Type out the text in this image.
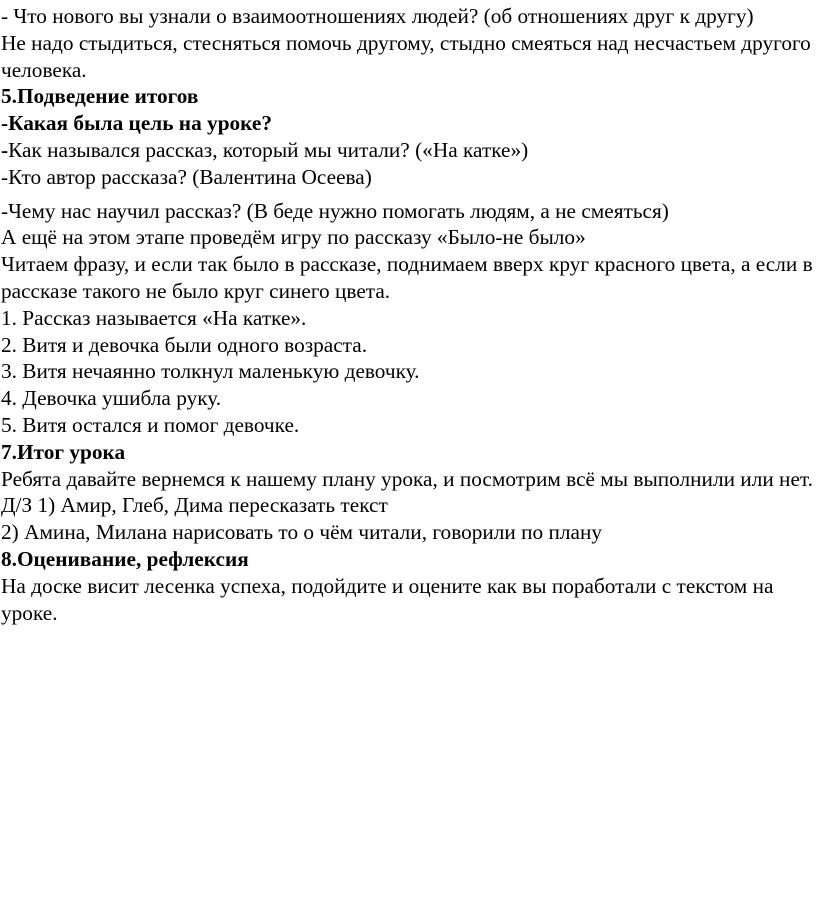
- Что нового вы узнали о взаимоотношениях людей? (об отношениях друг к другу)

Не надо стыдиться, стесняться помочь другому, стыдно смеяться над несчастьем другого человека.

5.Подведение итогов

-Какая была цель на уроке?

-Как назывался рассказ, который мы читали? («На катке»)

-Кто автор рассказа? (Валентина Осеева)

-Чему нас научил рассказ? (В беде нужно помогать людям, а не смеяться)

А ещё на этом этапе проведём игру по рассказу «Было-не было»

Читаем фразу, и если так было в рассказе, поднимаем вверх круг красного цвета, а если в рассказе такого не было круг синего цвета.

1. Рассказ называется «На катке».

2. Витя и девочка были одного возраста.

3. Витя нечаянно толкнул маленькую девочку.

4. Девочка ушибла руку.

5. Витя остался и помог девочке.

7.Итог урока

Ребята давайте вернемся к нашему плану урока, и посмотрим всё мы выполнили или нет.

Д/З 1) Амир, Глеб, Дима пересказать текст

2) Амина, Милана нарисовать то о чём читали, говорили по плану

8.Оценивание, рефлексия

На доске висит лесенка успеха, подойдите и оцените как вы поработали с текстом на уроке.
